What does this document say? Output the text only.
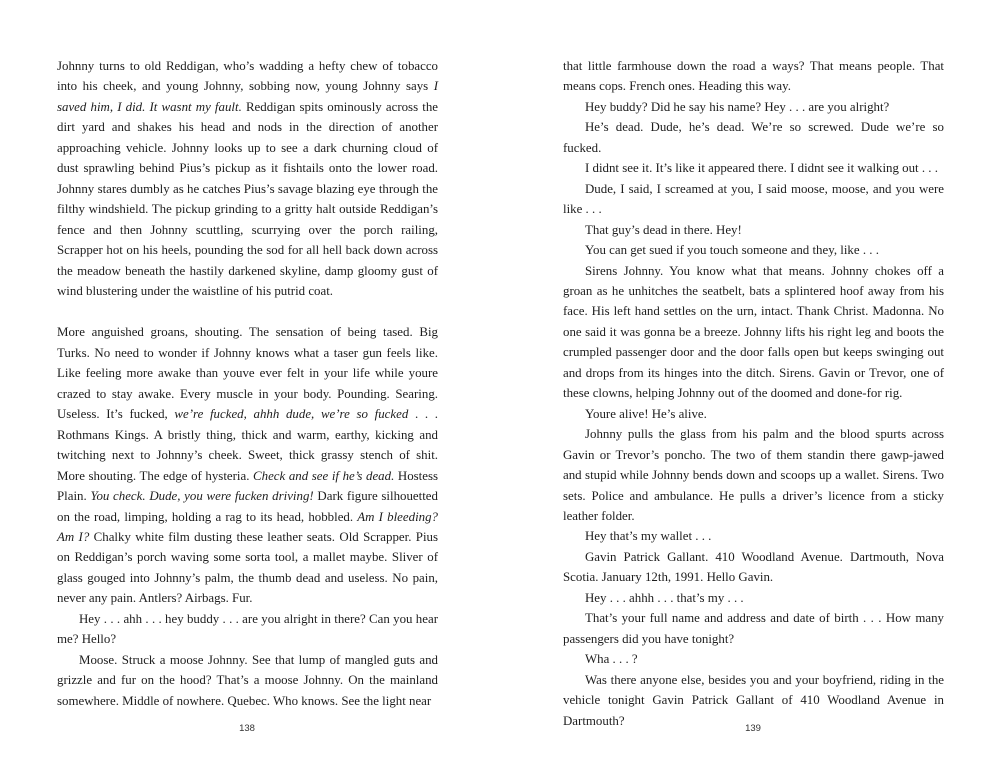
Johnny turns to old Reddigan, who’s wadding a hefty chew of tobacco into his cheek, and young Johnny, sobbing now, young Johnny says I saved him, I did. It wasnt my fault. Reddigan spits ominously across the dirt yard and shakes his head and nods in the direction of another approaching vehicle. Johnny looks up to see a dark churning cloud of dust sprawling behind Pius’s pickup as it fishtails onto the lower road. Johnny stares dumbly as he catches Pius’s savage blazing eye through the filthy windshield. The pickup grinding to a gritty halt outside Reddigan’s fence and then Johnny scuttling, scurrying over the porch railing, Scrapper hot on his heels, pounding the sod for all hell back down across the meadow beneath the hastily darkened skyline, damp gloomy gust of wind blustering under the waistline of his putrid coat.

More anguished groans, shouting. The sensation of being tased. Big Turks. No need to wonder if Johnny knows what a taser gun feels like. Like feeling more awake than youve ever felt in your life while youre crazed to stay awake. Every muscle in your body. Pounding. Searing. Useless. It’s fucked, we’re fucked, ahhh dude, we’re so fucked . . . Rothmans Kings. A bristly thing, thick and warm, earthy, kicking and twitching next to Johnny’s cheek. Sweet, thick grassy stench of shit. More shouting. The edge of hysteria. Check and see if he’s dead. Hostess Plain. You check. Dude, you were fucken driving! Dark figure silhouetted on the road, limping, holding a rag to its head, hobbled. Am I bleeding? Am I? Chalky white film dusting these leather seats. Old Scrapper. Pius on Reddigan’s porch waving some sorta tool, a mallet maybe. Sliver of glass gouged into Johnny’s palm, the thumb dead and useless. No pain, never any pain. Antlers? Airbags. Fur.

Hey . . . ahh . . . hey buddy . . . are you alright in there? Can you hear me? Hello?

Moose. Struck a moose Johnny. See that lump of mangled guts and grizzle and fur on the hood? That’s a moose Johnny. On the mainland somewhere. Middle of nowhere. Quebec. Who knows. See the light near

138

that little farmhouse down the road a ways? That means people. That means cops. French ones. Heading this way.

Hey buddy? Did he say his name? Hey . . . are you alright?

He’s dead. Dude, he’s dead. We’re so screwed. Dude we’re so fucked.

I didnt see it. It’s like it appeared there. I didnt see it walking out . . .

Dude, I said, I screamed at you, I said moose, moose, and you were like . . .

That guy’s dead in there. Hey!

You can get sued if you touch someone and they, like . . .

Sirens Johnny. You know what that means. Johnny chokes off a groan as he unhitches the seatbelt, bats a splintered hoof away from his face. His left hand settles on the urn, intact. Thank Christ. Madonna. No one said it was gonna be a breeze. Johnny lifts his right leg and boots the crumpled passenger door and the door falls open but keeps swinging out and drops from its hinges into the ditch. Sirens. Gavin or Trevor, one of these clowns, helping Johnny out of the doomed and done-for rig.

Youre alive! He’s alive.

Johnny pulls the glass from his palm and the blood spurts across Gavin or Trevor’s poncho. The two of them standin there gawp-jawed and stupid while Johnny bends down and scoops up a wallet. Sirens. Two sets. Police and ambulance. He pulls a driver’s licence from a sticky leather folder.

Hey that’s my wallet . . .

Gavin Patrick Gallant. 410 Woodland Avenue. Dartmouth, Nova Scotia. January 12th, 1991. Hello Gavin.

Hey . . . ahhh . . . that’s my . . .

That’s your full name and address and date of birth . . . How many passengers did you have tonight?

Wha . . . ?

Was there anyone else, besides you and your boyfriend, riding in the vehicle tonight Gavin Patrick Gallant of 410 Woodland Avenue in Dartmouth?

139
